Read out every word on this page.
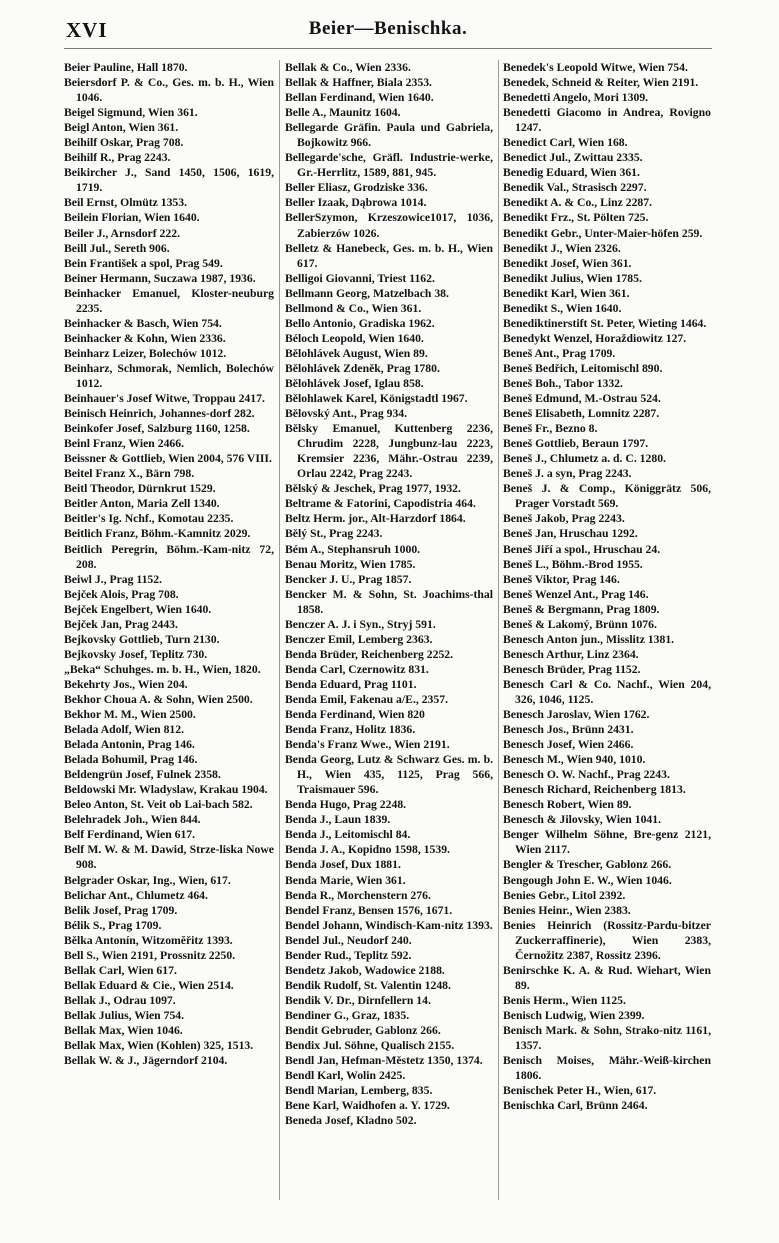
XVI	Beier—Benischka.

Beier Pauline, Hall 1870.

Beiersdorf P. & Co., Ges. m. b. H., Wien 1046.

Beigel Sigmund, Wien 361.

Beigl Anton, Wien 361.

Beihilf Oskar, Prag 708.

Beihilf R., Prag 2243.

Beikircher J., Sand 1450, 1506, 1619, 1719.

Beil Ernst, Olmütz 1353.

Beilein Florian, Wien 1640.

Beiler J., Arnsdorf 222.

Beill Jul., Sereth 906.

Bein František a spol, Prag 549.

Beiner Hermann, Suczawa 1987, 1936.

Beinhacker Emanuel, Kloster-neuburg 2235.

Beinhacker & Basch, Wien 754.

Beinhacker & Kohn, Wien 2336.

Beinharz Leizer, Bolechów 1012.

Beinharz, Schmorak, Nemlich, Bolechów 1012.

Beinhauer's Josef Witwe, Troppau 2417.

Beinisch Heinrich, Johannes-dorf 282.

Beinkofer Josef, Salzburg 1160, 1258.

Beinl Franz, Wien 2466.

Beissner & Gottlieb, Wien 2004, 576 VIII.

Beitel Franz X., Bärn 798.

Beitl Theodor, Dürnkrut 1529.

Beitler Anton, Maria Zell 1340.

Beitler's Ig. Nchf., Komotau 2235.

Beitlich Franz, Böhm.-Kamnitz 2029.

Beitlich Peregrin, Böhm.-Kam-nitz 72, 208.

Beiwl J., Prag 1152.

Bejček Alois, Prag 708.

Bejček Engelbert, Wien 1640.

Bejček Jan, Prag 2443.

Bejkovsky Gottlieb, Turn 2130.

Bejkovsky Josef, Teplitz 730.

„Beka“ Schuhges. m. b. H., Wien, 1820.

Bekehrty Jos., Wien 204.

Bekhor Choua A. & Sohn, Wien 2500.

Bekhor M. M., Wien 2500.

Belada Adolf, Wien 812.

Belada Antonin, Prag 146.

Belada Bohumil, Prag 146.

Beldengrün Josef, Fulnek 2358.

Beldowski Mr. Wladyslaw, Krakau 1904.

Beleo Anton, St. Veit ob Lai-bach 582.

Belehradek Joh., Wien 844.

Belf Ferdinand, Wien 617.

Belf M. W. & M. Dawid, Strze-liska Nowe 908.

Belgrader Oskar, Ing., Wien, 617.

Belichar Ant., Chlumetz 464.

Belik Josef, Prag 1709.

Bélik S., Prag 1709.

Bělka Antonín, Witzomĕřitz 1393.

Bell S., Wien 2191, Prossnitz 2250.

Bellak Carl, Wien 617.

Bellak Eduard & Cie., Wien 2514.

Bellak J., Odrau 1097.

Bellak Julius, Wien 754.

Bellak Max, Wien 1046.

Bellak Max, Wien (Kohlen) 325, 1513.

Bellak W. & J., Jägerndorf 2104.

Bellak & Co., Wien 2336.

Bellak & Haffner, Biala 2353.

Bellan Ferdinand, Wien 1640.

Belle A., Maunitz 1604.

Bellegarde Gräfin. Paula und Gabriela, Bojkowitz 966.

Bellegarde'sche, Gräfl. Industrie-werke, Gr.-Herrlitz, 1589, 881, 945.

Beller Eliasz, Grodziske 336.

Beller Izaak, Dąbrowa 1014.

BellerSzymon, Krzeszowice1017, 1036, Zabierzów 1026.

Belletz & Hanebeck, Ges. m. b. H., Wien 617.

Belligoi Giovanni, Triest 1162.

Bellmann Georg, Matzelbach 38.

Bellmond & Co., Wien 361.

Bello Antonio, Gradiska 1962.

Béloch Leopold, Wien 1640.

Bělohlávek August, Wien 89.

Bělohlávek Zdeněk, Prag 1780.

Bělohlávek Josef, Iglau 858.

Bělohlawek Karel, Königstadtl 1967.

Bělovský Ant., Prag 934.

Bělsky Emanuel, Kuttenberg 2236, Chrudim 2228, Jungbunz-lau 2223, Kremsier 2236, Mähr.-Ostrau 2239, Orlau 2242, Prag 2243.

Bělský & Jeschek, Prag 1977, 1932.

Beltrame & Fatorini, Capodistria 464.

Beltz Herm. jor., Alt-Harzdorf 1864.

Bělý St., Prag 2243.

Bém A., Stephansruh 1000.

Benau Moritz, Wien 1785.

Bencker J. U., Prag 1857.

Bencker M. & Sohn, St. Joachims-thal 1858.

Benczer A. J. i Syn., Stryj 591.

Benczer Emil, Lemberg 2363.

Benda Brüder, Reichenberg 2252.

Benda Carl, Czernowitz 831.

Benda Eduard, Prag 1101.

Benda Emil, Fakenau a/E., 2357.

Benda Ferdinand, Wien 820

Benda Franz, Holitz 1836.

Benda's Franz Wwe., Wien 2191.

Benda Georg, Lutz & Schwarz Ges. m. b. H., Wien 435, 1125, Prag 566, Traismauer 596.

Benda Hugo, Prag 2248.

Benda J., Laun 1839.

Benda J., Leitomischl 84.

Benda J. A., Kopidno 1598, 1539.

Benda Josef, Dux 1881.

Benda Marie, Wien 361.

Benda R., Morchenstern 276.

Bendel Franz, Bensen 1576, 1671.

Bendel Johann, Windisch-Kam-nitz 1393.

Bendel Jul., Neudorf 240.

Bender Rud., Teplitz 592.

Bendetz Jakob, Wadowice 2188.

Bendik Rudolf, St. Valentin 1248.

Bendik V. Dr., Dirnfellern 14.

Bendiner G., Graz, 1835.

Bendit Gebruder, Gablonz 266.

Bendix Jul. Söhne, Qualisch 2155.

Bendl Jan, Hefman-Městetz 1350, 1374.

Bendl Karl, Wolin 2425.

Bendl Marian, Lemberg, 835.

Bene Karl, Waidhofen a. Y. 1729.

Beneda Josef, Kladno 502.

Benedek's Leopold Witwe, Wien 754.

Benedek, Schneid & Reiter, Wien 2191.

Benedetti Angelo, Mori 1309.

Benedetti Giacomo in Andrea, Rovigno 1247.

Benedict Carl, Wien 168.

Benedict Jul., Zwittau 2335.

Benedig Eduard, Wien 361.

Benedik Val., Strasisch 2297.

Benedikt A. & Co., Linz 2287.

Benedikt Frz., St. Pölten 725.

Benedikt Gebr., Unter-Maier-höfen 259.

Benedikt J., Wien 2326.

Benedikt Josef, Wien 361.

Benedikt Julius, Wien 1785.

Benedikt Karl, Wien 361.

Benedikt S., Wien 1640.

Benediktinerstift St. Peter, Wieting 1464.

Benedykt Wenzel, Horaždiowitz 127.

Beneš Ant., Prag 1709.

Beneš Bedřich, Leitomischl 890.

Beneš Boh., Tabor 1332.

Beneš Edmund, M.-Ostrau 524.

Beneš Elisabeth, Lomnitz 2287.

Beneš Fr., Bezno 8.

Beneš Gottlieb, Beraun 1797.

Beneš J., Chlumetz a. d. C. 1280.

Beneš J. a syn, Prag 2243.

Beneš J. & Comp., Königgrätz 506, Prager Vorstadt 569.

Beneš Jakob, Prag 2243.

Beneš Jan, Hruschau 1292.

Beneš Jiří a spol., Hruschau 24.

Beneš L., Böhm.-Brod 1955.

Beneš Viktor, Prag 146.

Beneš Wenzel Ant., Prag 146.

Beneš & Bergmann, Prag 1809.

Beneš & Lakomý, Brünn 1076.

Benesch Anton jun., Misslitz 1381.

Benesch Arthur, Linz 2364.

Benesch Brüder, Prag 1152.

Benesch Carl & Co. Nachf., Wien 204, 326, 1046, 1125.

Benesch Jaroslav, Wien 1762.

Benesch Jos., Brünn 2431.

Benesch Josef, Wien 2466.

Benesch M., Wien 940, 1010.

Benesch O. W. Nachf., Prag 2243.

Benesch Richard, Reichenberg 1813.

Benesch Robert, Wien 89.

Benesch & Jilovsky, Wien 1041.

Benger Wilhelm Söhne, Bre-genz 2121, Wien 2117.

Bengler & Trescher, Gablonz 266.

Bengough John E. W., Wien 1046.

Benies Gebr., Litol 2392.

Benies Heinr., Wien 2383.

Benies Heinrich (Rossitz-Pardu-bitzer Zuckerraffinerie), Wien 2383, Černožitz 2387, Rossitz 2396.

Benirschke K. A. & Rud. Wiehart, Wien 89.

Benis Herm., Wien 1125.

Benisch Ludwig, Wien 2399.

Benisch Mark. & Sohn, Strako-nitz 1161, 1357.

Benisch Moises, Mähr.-Weiß-kirchen 1806.

Benischek Peter H., Wien, 617.

Benischka Carl, Brünn 2464.
